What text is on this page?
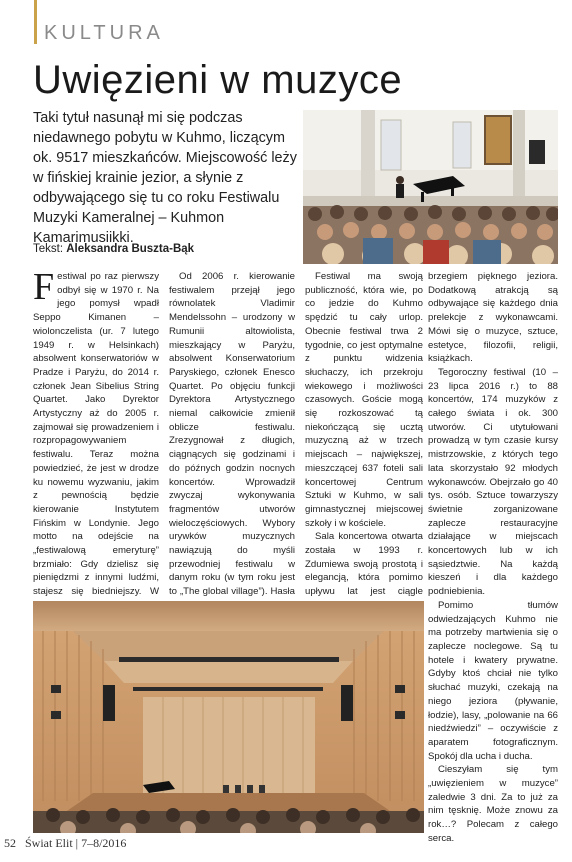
KULTURA
Uwięzieni w muzyce
Taki tytuł nasunął mi się podczas niedawnego pobytu w Kuhmo, liczącym ok. 9517 mieszkańców. Miejscowość leży w fińskiej krainie jezior, a słynie z odbywającego się tu co roku Festiwalu Muzyki Kameralnej – Kuhmon Kamarimusiikki.
Tekst: Aleksandra Buszta-Bąk

Festiwal po raz pierwszy odbył się w 1970 r. Na jego pomysł wpadł Seppo Kimanen – wiolonczelista (ur. 7 lutego 1949 r. w Helsinkach) absolwent konserwatoriów w Pradze i Paryżu, do 2014 r. członek Jean Sibelius String Quartet. Jako Dyrektor Artystyczny aż do 2005 r. zajmował się prowadzeniem i rozpropagowywaniem festiwalu. Teraz można powiedzieć, że jest w drodze ku nowemu wyzwaniu, jakim z pewnością będzie kierowanie Instytutem Fińskim w Londynie. Jego motto na odejście na „festiwalową emeryturę” brzmiało: Gdy dzielisz się pieniędzmi z innymi ludźmi, stajesz się biedniejszy. W

Od 2006 r. kierowanie festiwalem przejął jego równolatek Vladimir Mendelssohn – urodzony w Rumunii altowiolista, mieszkający w Paryżu, absolwent Konserwatorium Paryskiego, członek Enesco Quartet. Po objęciu funkcji Dyrektora Artystycznego niemal całkowicie zmienił oblicze festiwalu. Zrezygnował z długich, ciągnących się godzinami i do późnych godzin nocnych koncertów. Wprowadził zwyczaj wykonywania fragmentów utworów wieloczęściowych. Wybory urywków muzycznych nawiązują do myśli przewodniej festiwalu w danym roku (w tym roku jest to „The global village”). Hasła

Festiwal ma swoją publiczność, która wie, po co jedzie do Kuhmo spędzić tu cały urlop. Obecnie festiwal trwa 2 tygodnie, co jest optymalne z punktu widzenia słuchaczy, ich przekroju wiekowego i możliwości czasowych. Goście mogą się rozkoszować tą niekończącą się ucztą muzyczną aż w trzech miejscach – największej, mieszczącej 637 foteli sali koncertowej Centrum Sztuki w Kuhmo, w sali gimnastycznej miejscowej szkoły i w kościele.

Sala koncertowa otwarta została w 1993 r. Zdumiewa swoją prostotą i elegancją, która pomimo upływu lat jest ciągle

brzegiem pięknego jeziora. Dodatkową atrakcją są odbywające się każdego dnia prelekcje z wykonawcami. Mówi się o muzyce, sztuce, estetyce, filozofii, religii, książkach.

Tegoroczny festiwal (10 – 23 lipca 2016 r.) to 88 koncertów, 174 muzyków z całego świata i ok. 300 utworów. Ci utytułowani prowadzą w tym czasie kursy mistrzowskie, z których tego lata skorzystało 92 młodych wykonawców. Obejrzało go 40 tys. osób. Sztuce towarzyszy świetnie zorganizowane zaplecze restauracyjne działające w miejscach koncertowych lub w ich sąsiedztwie. Na każdą kieszeń i dla każdego podniebienia.

Pomimo tłumów odwiedzających Kuhmo nie ma potrzeby martwienia się o zaplecze noclegowe. Są tu hotele i kwatery prywatne. Gdyby ktoś chciał nie tylko słuchać muzyki, czekają na niego jeziora (pływanie, łodzie), lasy, „polowanie na 66 niedźwiedzi” – oczywiście z aparatem fotograficznym. Spokój dla ucha i ducha.

Cieszyłam się tym „uwięzieniem w muzyce” zaledwie 3 dni. Za to już za nim tęsknię. Może znowu za rok…? Polecam z całego serca.

52 Świat Elit | 7–8/2016
